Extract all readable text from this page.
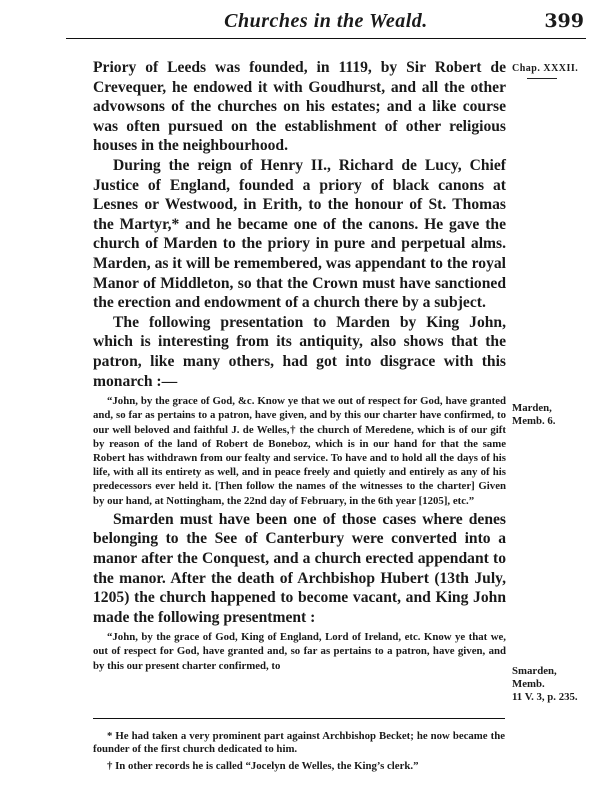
Churches in the Weald.	399
Chap. XXXII.
Marden,
Memb. 6.
Smarden,
Memb.
11 V. 3, p. 235.

Priory of Leeds was founded, in 1119, by Sir Robert de Crevequer, he endowed it with Goudhurst, and all the other advowsons of the churches on his estates; and a like course was often pursued on the establishment of other religious houses in the neighbourhood.

During the reign of Henry II., Richard de Lucy, Chief Justice of England, founded a priory of black canons at Lesnes or Westwood, in Erith, to the honour of St. Thomas the Martyr,* and he became one of the canons. He gave the church of Marden to the priory in pure and perpetual alms. Marden, as it will be remembered, was appendant to the royal Manor of Middleton, so that the Crown must have sanctioned the erection and endowment of a church there by a subject.

The following presentation to Marden by King John, which is interesting from its antiquity, also shows that the patron, like many others, had got into disgrace with this monarch :—

“John, by the grace of God, &c. Know ye that we out of respect for God, have granted and, so far as pertains to a patron, have given, and by this our charter have confirmed, to our well beloved and faithful J. de Welles,† the church of Meredene, which is of our gift by reason of the land of Robert de Boneboz, which is in our hand for that the same Robert has withdrawn from our fealty and service. To have and to hold all the days of his life, with all its entirety as well, and in peace freely and quietly and entirely as any of his predecessors ever held it. [Then follow the names of the witnesses to the charter] Given by our hand, at Nottingham, the 22nd day of February, in the 6th year [1205], etc.”

Smarden must have been one of those cases where denes belonging to the See of Canterbury were converted into a manor after the Conquest, and a church erected appendant to the manor. After the death of Archbishop Hubert (13th July, 1205) the church happened to become vacant, and King John made the following presentment :

“John, by the grace of God, King of England, Lord of Ireland, etc. Know ye that we, out of respect for God, have granted and, so far as pertains to a patron, have given, and by this our present charter confirmed, to

* He had taken a very prominent part against Archbishop Becket; he now became the founder of the first church dedicated to him.

† In other records he is called “Jocelyn de Welles, the King’s clerk.”
